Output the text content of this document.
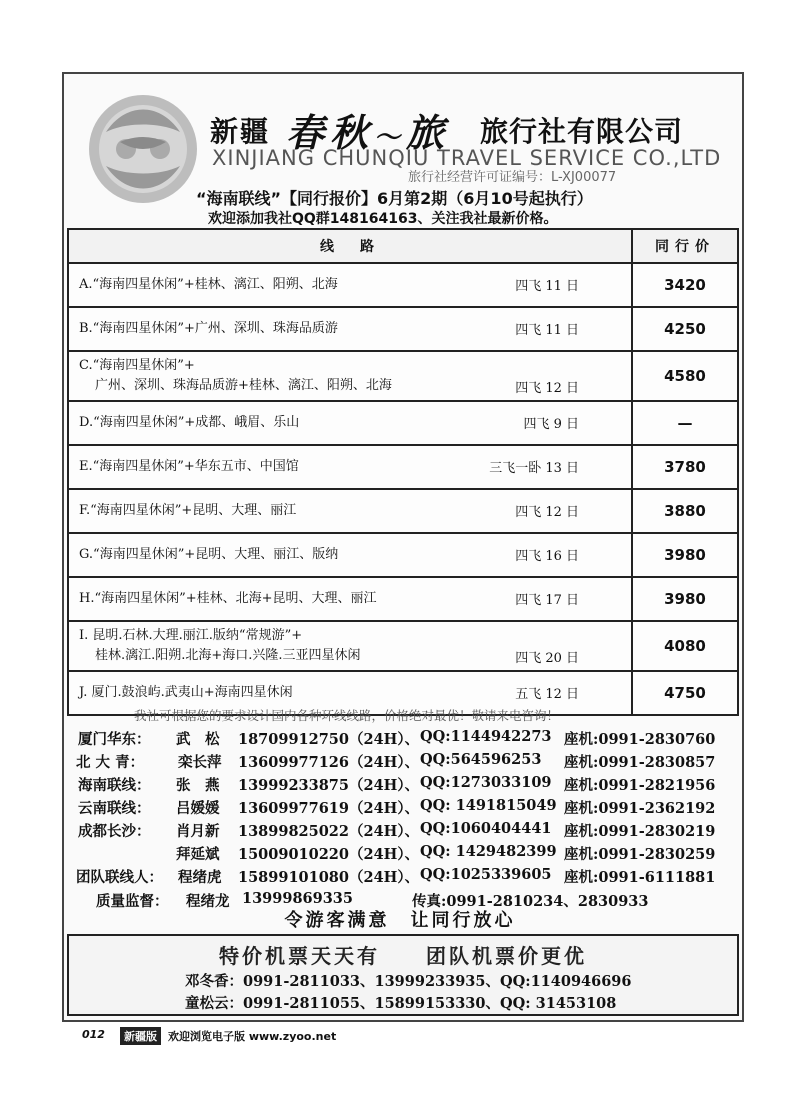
新疆 春秋〜旅 旅行社有限公司
XINJIANG CHUNQIU TRAVEL SERVICE CO.,LTD
旅行社经营许可证编号：L-XJ00077
“海南联线”【同行报价】6月第2期（6月10号起执行）
欢迎添加我社QQ群148164163、关注我社最新价格。
线　路	同行价

A.“海南四星休闲”+桂林、漓江、阳朔、北海 四飞 11 日	3420

B.“海南四星休闲”+广州、深圳、珠海品质游 四飞 11 日	4250

C.“海南四星休闲”+
广州、深圳、珠海品质游+桂林、漓江、阳朔、北海 四飞 12 日	4580

D.“海南四星休闲”+成都、峨眉、乐山 四飞 9 日	—

E.“海南四星休闲”+华东五市、中国馆 三飞一卧 13 日	3780

F.“海南四星休闲”+昆明、大理、丽江 四飞 12 日	3880

G.“海南四星休闲”+昆明、大理、丽江、版纳 四飞 16 日	3980

H.“海南四星休闲”+桂林、北海+昆明、大理、丽江 四飞 17 日	3980

I. 昆明.石林.大理.丽江.版纳“常规游”+
桂林.漓江.阳朔.北海+海口.兴隆.三亚四星休闲 四飞 20 日	4080

J. 厦门.鼓浪屿.武夷山+海南四星休闲 五飞 12 日	4750
我社可根据您的要求设计国内各种环线线路，价格绝对最优！敬请来电咨询！
厦门华东： 武　松 18709912750（24H）、 QQ:1144942273 座机:0991-2830760
北 大 青： 栾长萍 13609977126（24H）、 QQ:564596253 座机:0991-2830857
海南联线： 张　燕 13999233875（24H）、 QQ:1273033109 座机:0991-2821956
云南联线： 吕媛媛 13609977619（24H）、 QQ: 1491815049 座机:0991-2362192
成都长沙： 肖月新 13899825022（24H）、 QQ:1060404441 座机:0991-2830219
拜延斌 15009010220（24H）、 QQ: 1429482399 座机:0991-2830259
团队联线人： 程绪虎 15899101080（24H）、 QQ:1025339605 座机:0991-6111881
质量监督： 程绪龙 13999869335	传真:0991-2810234、2830933
令游客满意　让同行放心
特价机票天天有　　团队机票价更优
邓冬香：0991-2811033、13999233935、QQ:1140946696
童松云：0991-2811055、15899153330、QQ: 31453108
012	新疆版	欢迎浏览电子版 www.zyoo.net
